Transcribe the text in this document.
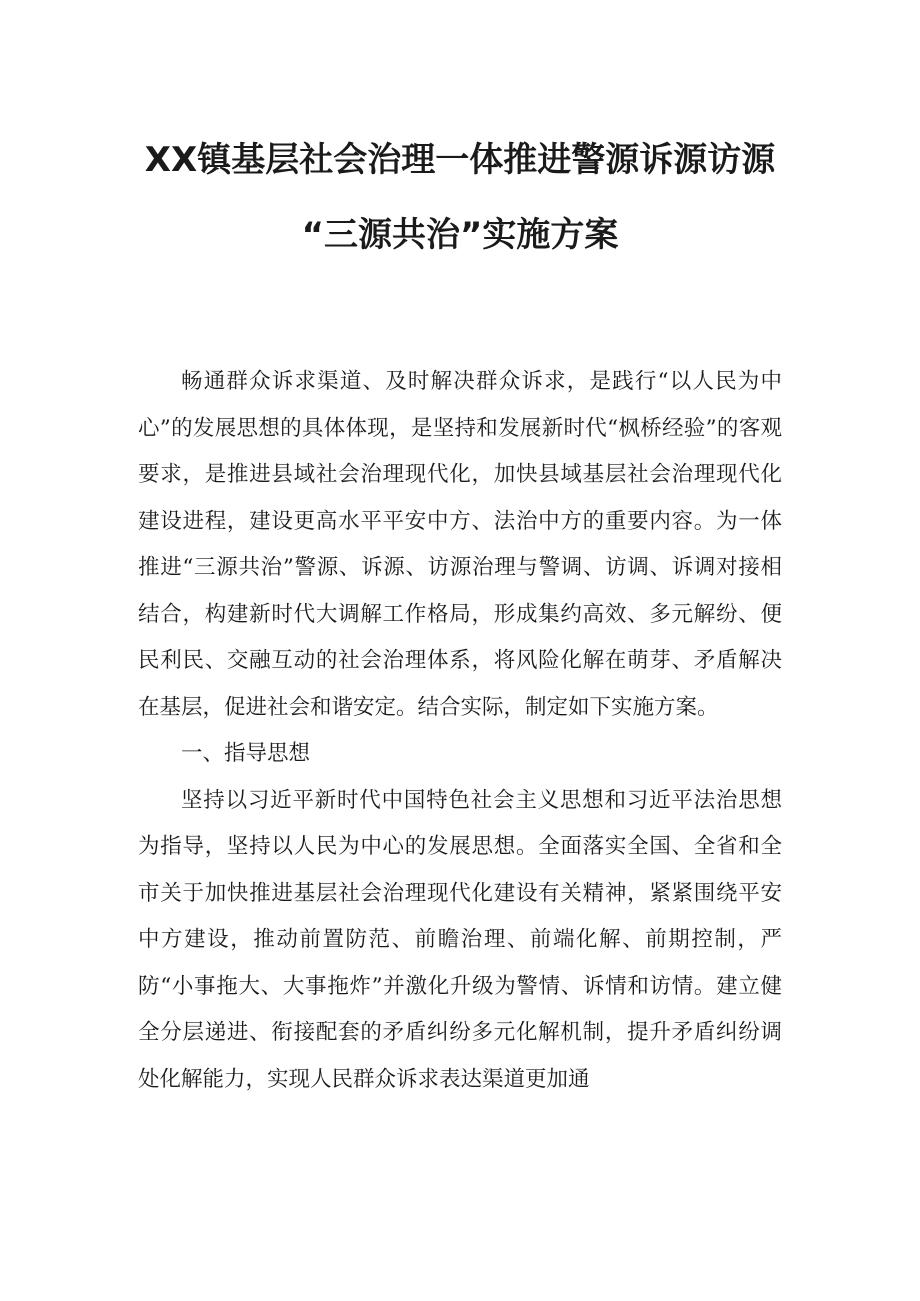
XX镇基层社会治理一体推进警源诉源访源
“三源共治”实施方案

畅通群众诉求渠道、及时解决群众诉求，是践行“以人民为中心”的发展思想的具体体现，是坚持和发展新时代“枫桥经验”的客观要求，是推进县域社会治理现代化，加快县域基层社会治理现代化建设进程，建设更高水平平安中方、法治中方的重要内容。为一体推进“三源共治”警源、诉源、访源治理与警调、访调、诉调对接相结合，构建新时代大调解工作格局，形成集约高效、多元解纷、便民利民、交融互动的社会治理体系，将风险化解在萌芽、矛盾解决在基层，促进社会和谐安定。结合实际，制定如下实施方案。

一、指导思想

坚持以习近平新时代中国特色社会主义思想和习近平法治思想为指导，坚持以人民为中心的发展思想。全面落实全国、全省和全市关于加快推进基层社会治理现代化建设有关精神，紧紧围绕平安中方建设，推动前置防范、前瞻治理、前端化解、前期控制，严防“小事拖大、大事拖炸”并激化升级为警情、诉情和访情。建立健全分层递进、衔接配套的矛盾纠纷多元化解机制，提升矛盾纠纷调处化解能力，实现人民群众诉求表达渠道更加通
